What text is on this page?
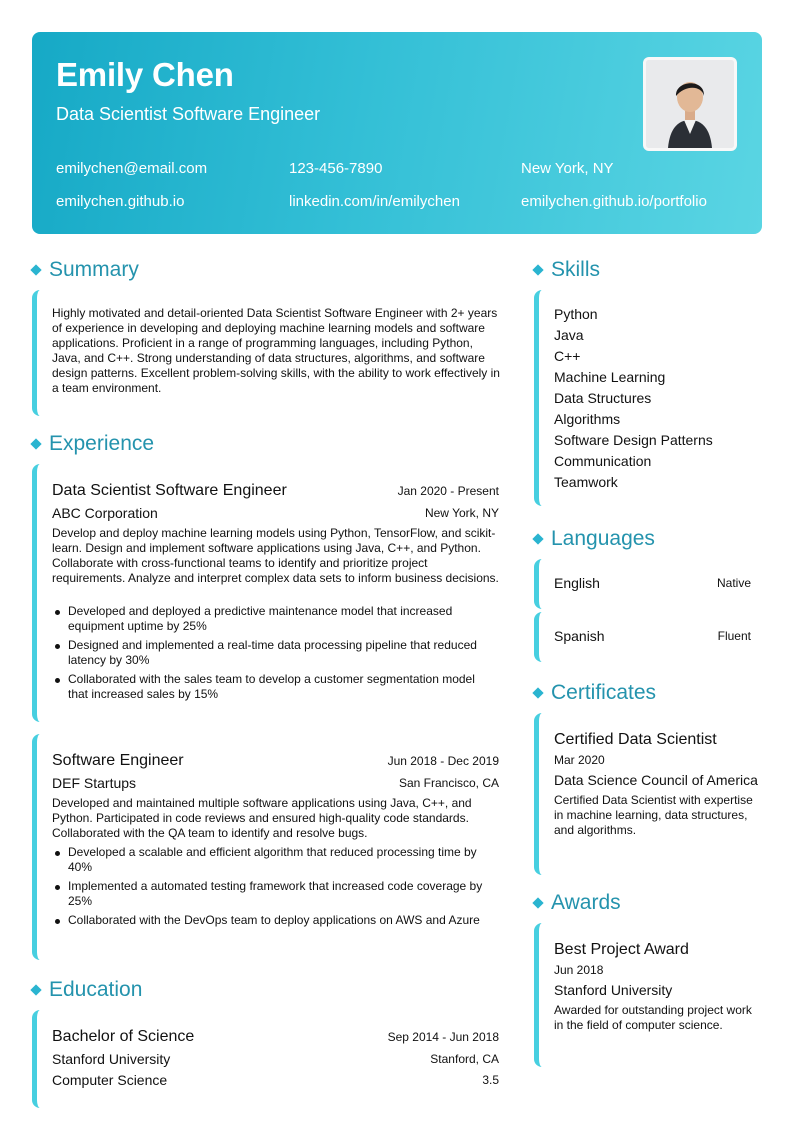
Emily Chen
Data Scientist Software Engineer
emilychen@email.com	123-456-7890	New York, NY
emilychen.github.io	linkedin.com/in/emilychen	emilychen.github.io/portfolio
Summary
Highly motivated and detail-oriented Data Scientist Software Engineer with 2+ years of experience in developing and deploying machine learning models and software applications. Proficient in a range of programming languages, including Python, Java, and C++. Strong understanding of data structures, algorithms, and software design patterns. Excellent problem-solving skills, with the ability to work effectively in a team environment.
Experience
Data Scientist Software Engineer	Jan 2020 - Present
ABC Corporation	New York, NY
Develop and deploy machine learning models using Python, TensorFlow, and scikit-learn. Design and implement software applications using Java, C++, and Python. Collaborate with cross-functional teams to identify and prioritize project requirements. Analyze and interpret complex data sets to inform business decisions.
Developed and deployed a predictive maintenance model that increased equipment uptime by 25%
Designed and implemented a real-time data processing pipeline that reduced latency by 30%
Collaborated with the sales team to develop a customer segmentation model that increased sales by 15%
Software Engineer	Jun 2018 - Dec 2019
DEF Startups	San Francisco, CA
Developed and maintained multiple software applications using Java, C++, and Python. Participated in code reviews and ensured high-quality code standards. Collaborated with the QA team to identify and resolve bugs.
Developed a scalable and efficient algorithm that reduced processing time by 40%
Implemented a automated testing framework that increased code coverage by 25%
Collaborated with the DevOps team to deploy applications on AWS and Azure
Education
Bachelor of Science	Sep 2014 - Jun 2018
Stanford University	Stanford, CA
Computer Science	3.5
Skills
Python
Java
C++
Machine Learning
Data Structures
Algorithms
Software Design Patterns
Communication
Teamwork
Languages
English	Native
Spanish	Fluent
Certificates
Certified Data Scientist
Mar 2020
Data Science Council of America
Certified Data Scientist with expertise in machine learning, data structures, and algorithms.
Awards
Best Project Award
Jun 2018
Stanford University
Awarded for outstanding project work in the field of computer science.
